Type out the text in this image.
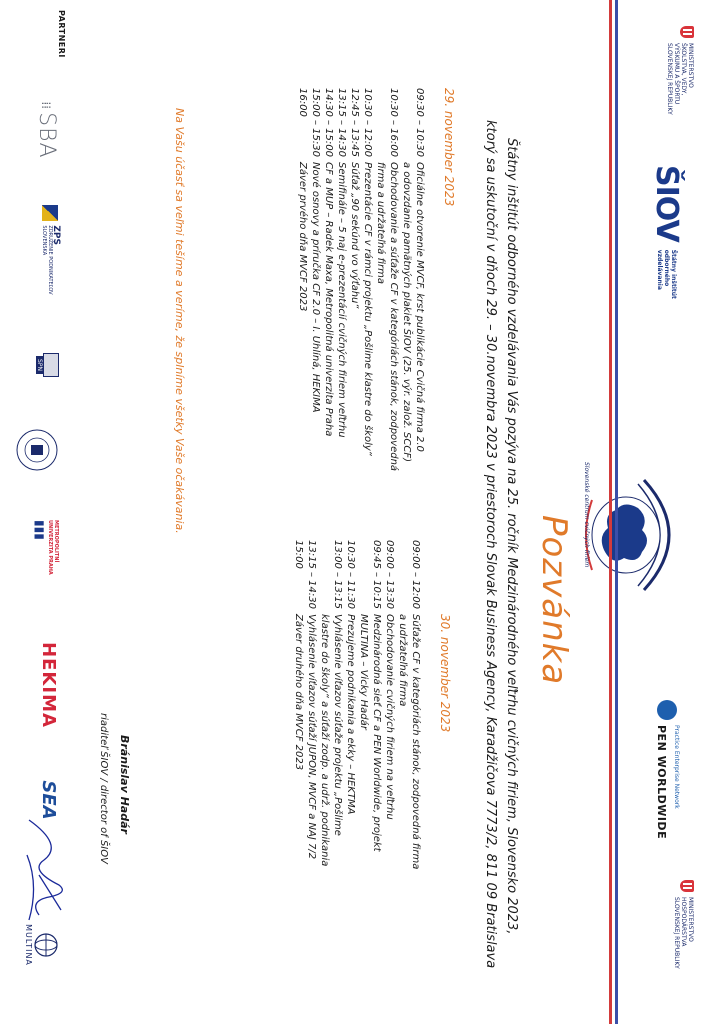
MINISTERSTVO
ŠKOLSTVA, VEDY,
VÝSKUMU A ŠPORTU
SLOVENSKEJ REPUBLIKY
ŠIOV
Štátny inštitút
odborného
vzdelávania
Slovenské centrum cvičných firiem
Practice Enterprise Network
PEN WORLDWIDE
MINISTERSTVO
HOSPODÁRSTVA
SLOVENSKEJ REPUBLIKY
Pozvánka
Štátny inštitút odborného vzdelávania Vás pozýva na 25. ročník Medzinárodného veľtrhu cvičných firiem, Slovensko 2023,
ktorý sa uskutoční v dňoch 29. – 30.novembra 2023 v priestoroch Slovak Business Agency, Karadžičova 7773/2, 811 09 Bratislava
29. november 2023
09:30 – 10:30Oficiálne otvorenie MVCF, krst publikácie Cvičná firma 2.0
a odovzdanie pamätných plakiet ŠIOV (25. výr. založ. SCCF)
10:30 – 16:00Obchodovanie a súťaže CF v kategóriách stánok, zodpovedná
firma a udržateľná firma
10:30 – 12:00Prezentácie CF v rámci projektu „Pošlime klastre do školy“
12:45 – 13:45Súťaž „90 sekúnd vo výťahu“
13:15 – 14:30Semifinále – 5 naj e-prezentácií cvičných firiem veľtrhu
14:30 – 15:00CF a MUP – Radek Maxa, Metropolitná univerzita Praha
15:00 – 15:30Nové osnovy a príručka CF 2.0 – I. Uhlíná, HEKIMA
16:00Záver prvého dňa MVCF 2023
30. november 2023
09:00 – 12:00Súťaže CF v kategóriách stánok, zodpovedná firma
a udržateľná firma
09:00 – 13:30Obchodovanie cvičných firiem na veľtrhu
09:45 – 10:15Medzinárodná sieť CF a PEN Worldwide, projekt
MULTINA – Vicky Hadár
10:30 – 11:30Prezujeme podnikania a ekky – HEKTMA
13:00 – 13:15Vyhlásenie víťazov súťaže projektu „Pošlime
klastre do školy“ a súťaží zodp. a udrž. podnikania
13:15 – 14:30Vyhlásenie víťazov súťaží JUPON, MVCF a NAJ 7/2
15:00Záver druhého dňa MVCF 2023
Na Vašu účasť sa veľmi tešíme a veríme, že splníme všetky Vaše očakávania.
Bránislav Hadár
riaditeľ ŠIOV / director of ŠIOV
PARTNERI
⁞⁞
SBA
ZPS
ZDRUŽENIE PODNIKATEĽOV
SLOVENSKA
SPN
METROPOLITNÍ
UNIVERZITA PRAHA
▮▮▮
HEKIMA
SEA
MULTINA
